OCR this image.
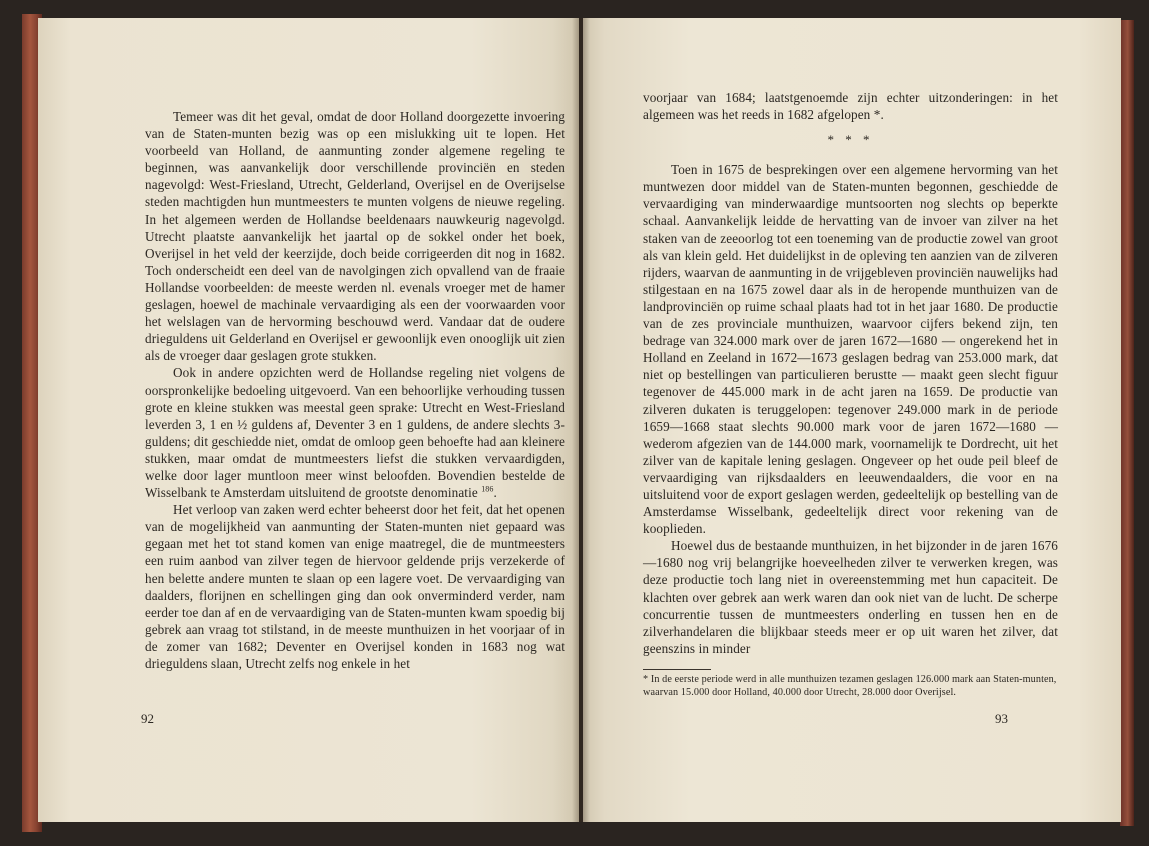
Temeer was dit het geval, omdat de door Holland doorgezette invoering van de Staten-munten bezig was op een mislukking uit te lopen. Het voorbeeld van Holland, de aanmunting zonder algemene regeling te beginnen, was aanvankelijk door verschillende provinciën en steden nagevolgd: West-Friesland, Utrecht, Gelderland, Overijsel en de Overijselse steden machtigden hun muntmeesters te munten volgens de nieuwe regeling. In het algemeen werden de Hollandse beeldenaars nauwkeurig nagevolgd. Utrecht plaatste aanvankelijk het jaartal op de sokkel onder het boek, Overijsel in het veld der keerzijde, doch beide corrigeerden dit nog in 1682. Toch onderscheidt een deel van de navolgingen zich opvallend van de fraaie Hollandse voorbeelden: de meeste werden nl. evenals vroeger met de hamer geslagen, hoewel de machinale vervaardiging als een der voorwaarden voor het welslagen van de hervorming beschouwd werd. Vandaar dat de oudere drieguldens uit Gelderland en Overijsel er gewoonlijk even onooglijk uit zien als de vroeger daar geslagen grote stukken.

Ook in andere opzichten werd de Hollandse regeling niet volgens de oorspronkelijke bedoeling uitgevoerd. Van een behoorlijke verhouding tussen grote en kleine stukken was meestal geen sprake: Utrecht en West-Friesland leverden 3, 1 en ½ guldens af, Deventer 3 en 1 guldens, de andere slechts 3-guldens; dit geschiedde niet, omdat de omloop geen behoefte had aan kleinere stukken, maar omdat de muntmeesters liefst die stukken vervaardigden, welke door lager muntloon meer winst beloofden. Bovendien bestelde de Wisselbank te Amsterdam uitsluitend de grootste denominatie $^{186}$.

Het verloop van zaken werd echter beheerst door het feit, dat het openen van de mogelijkheid van aanmunting der Staten-munten niet gepaard was gegaan met het tot stand komen van enige maatregel, die de muntmeesters een ruim aanbod van zilver tegen de hiervoor geldende prijs verzekerde of hen belette andere munten te slaan op een lagere voet. De vervaardiging van daalders, florijnen en schellingen ging dan ook onverminderd verder, nam eerder toe dan af en de vervaardiging van de Staten-munten kwam spoedig bij gebrek aan vraag tot stilstand, in de meeste munthuizen in het voorjaar of in de zomer van 1682; Deventer en Overijsel konden in 1683 nog wat drieguldens slaan, Utrecht zelfs nog enkele in het

92

voorjaar van 1684; laatstgenoemde zijn echter uitzonderingen: in het algemeen was het reeds in 1682 afgelopen *.

* * *

Toen in 1675 de besprekingen over een algemene hervorming van het muntwezen door middel van de Staten-munten begonnen, geschiedde de vervaardiging van minderwaardige muntsoorten nog slechts op beperkte schaal. Aanvankelijk leidde de hervatting van de invoer van zilver na het staken van de zeeoorlog tot een toeneming van de productie zowel van groot als van klein geld. Het duidelijkst in de opleving ten aanzien van de zilveren rijders, waarvan de aanmunting in de vrijgebleven provinciën nauwelijks had stilgestaan en na 1675 zowel daar als in de heropende munthuizen van de landprovinciën op ruime schaal plaats had tot in het jaar 1680. De productie van de zes provinciale munthuizen, waarvoor cijfers bekend zijn, ten bedrage van 324.000 mark over de jaren 1672—1680 — ongerekend het in Holland en Zeeland in 1672—1673 geslagen bedrag van 253.000 mark, dat niet op bestellingen van particulieren berustte — maakt geen slecht figuur tegenover de 445.000 mark in de acht jaren na 1659. De productie van zilveren dukaten is teruggelopen: tegenover 249.000 mark in de periode 1659—1668 staat slechts 90.000 mark voor de jaren 1672—1680 — wederom afgezien van de 144.000 mark, voornamelijk te Dordrecht, uit het zilver van de kapitale lening geslagen. Ongeveer op het oude peil bleef de vervaardiging van rijksdaalders en leeuwendaalders, die voor en na uitsluitend voor de export geslagen werden, gedeeltelijk op bestelling van de Amsterdamse Wisselbank, gedeeltelijk direct voor rekening van de kooplieden.

Hoewel dus de bestaande munthuizen, in het bijzonder in de jaren 1676—1680 nog vrij belangrijke hoeveelheden zilver te verwerken kregen, was deze productie toch lang niet in overeenstemming met hun capaciteit. De klachten over gebrek aan werk waren dan ook niet van de lucht. De scherpe concurrentie tussen de muntmeesters onderling en tussen hen en de zilverhandelaren die blijkbaar steeds meer er op uit waren het zilver, dat geenszins in minder

* In de eerste periode werd in alle munthuizen tezamen geslagen 126.000 mark aan Staten-munten, waarvan 15.000 door Holland, 40.000 door Utrecht, 28.000 door Overijsel.
93
